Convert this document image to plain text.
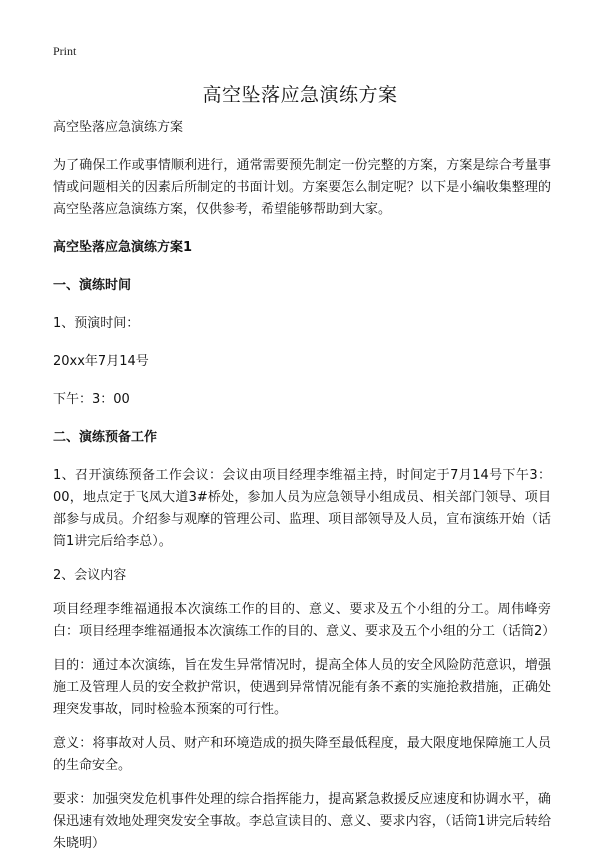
Print
高空坠落应急演练方案

高空坠落应急演练方案

为了确保工作或事情顺利进行，通常需要预先制定一份完整的方案，方案是综合考量事情或问题相关的因素后所制定的书面计划。方案要怎么制定呢？以下是小编收集整理的高空坠落应急演练方案，仅供参考，希望能够帮助到大家。

高空坠落应急演练方案1

一、演练时间

1、预演时间：

20xx年7月14号

下午：3：00

二、演练预备工作

1、召开演练预备工作会议：会议由项目经理李维福主持，时间定于7月14号下午3：00，地点定于飞凤大道3#桥处，参加人员为应急领导小组成员、相关部门领导、项目部参与成员。介绍参与观摩的管理公司、监理、项目部领导及人员，宣布演练开始（话筒1讲完后给李总）。

2、会议内容

项目经理李维福通报本次演练工作的目的、意义、要求及五个小组的分工。周伟峰旁白：项目经理李维福通报本次演练工作的目的、意义、要求及五个小组的分工（话筒2）

目的：通过本次演练，旨在发生异常情况时，提高全体人员的安全风险防范意识，增强施工及管理人员的安全救护常识，使遇到异常情况能有条不紊的实施抢救措施，正确处理突发事故，同时检验本预案的可行性。

意义：将事故对人员、财产和环境造成的损失降至最低程度，最大限度地保障施工人员的生命安全。

要求：加强突发危机事件处理的综合指挥能力，提高紧急救援反应速度和协调水平，确保迅速有效地处理突发安全事故。李总宣读目的、意义、要求内容，（话筒1讲完后转给朱晓明）
